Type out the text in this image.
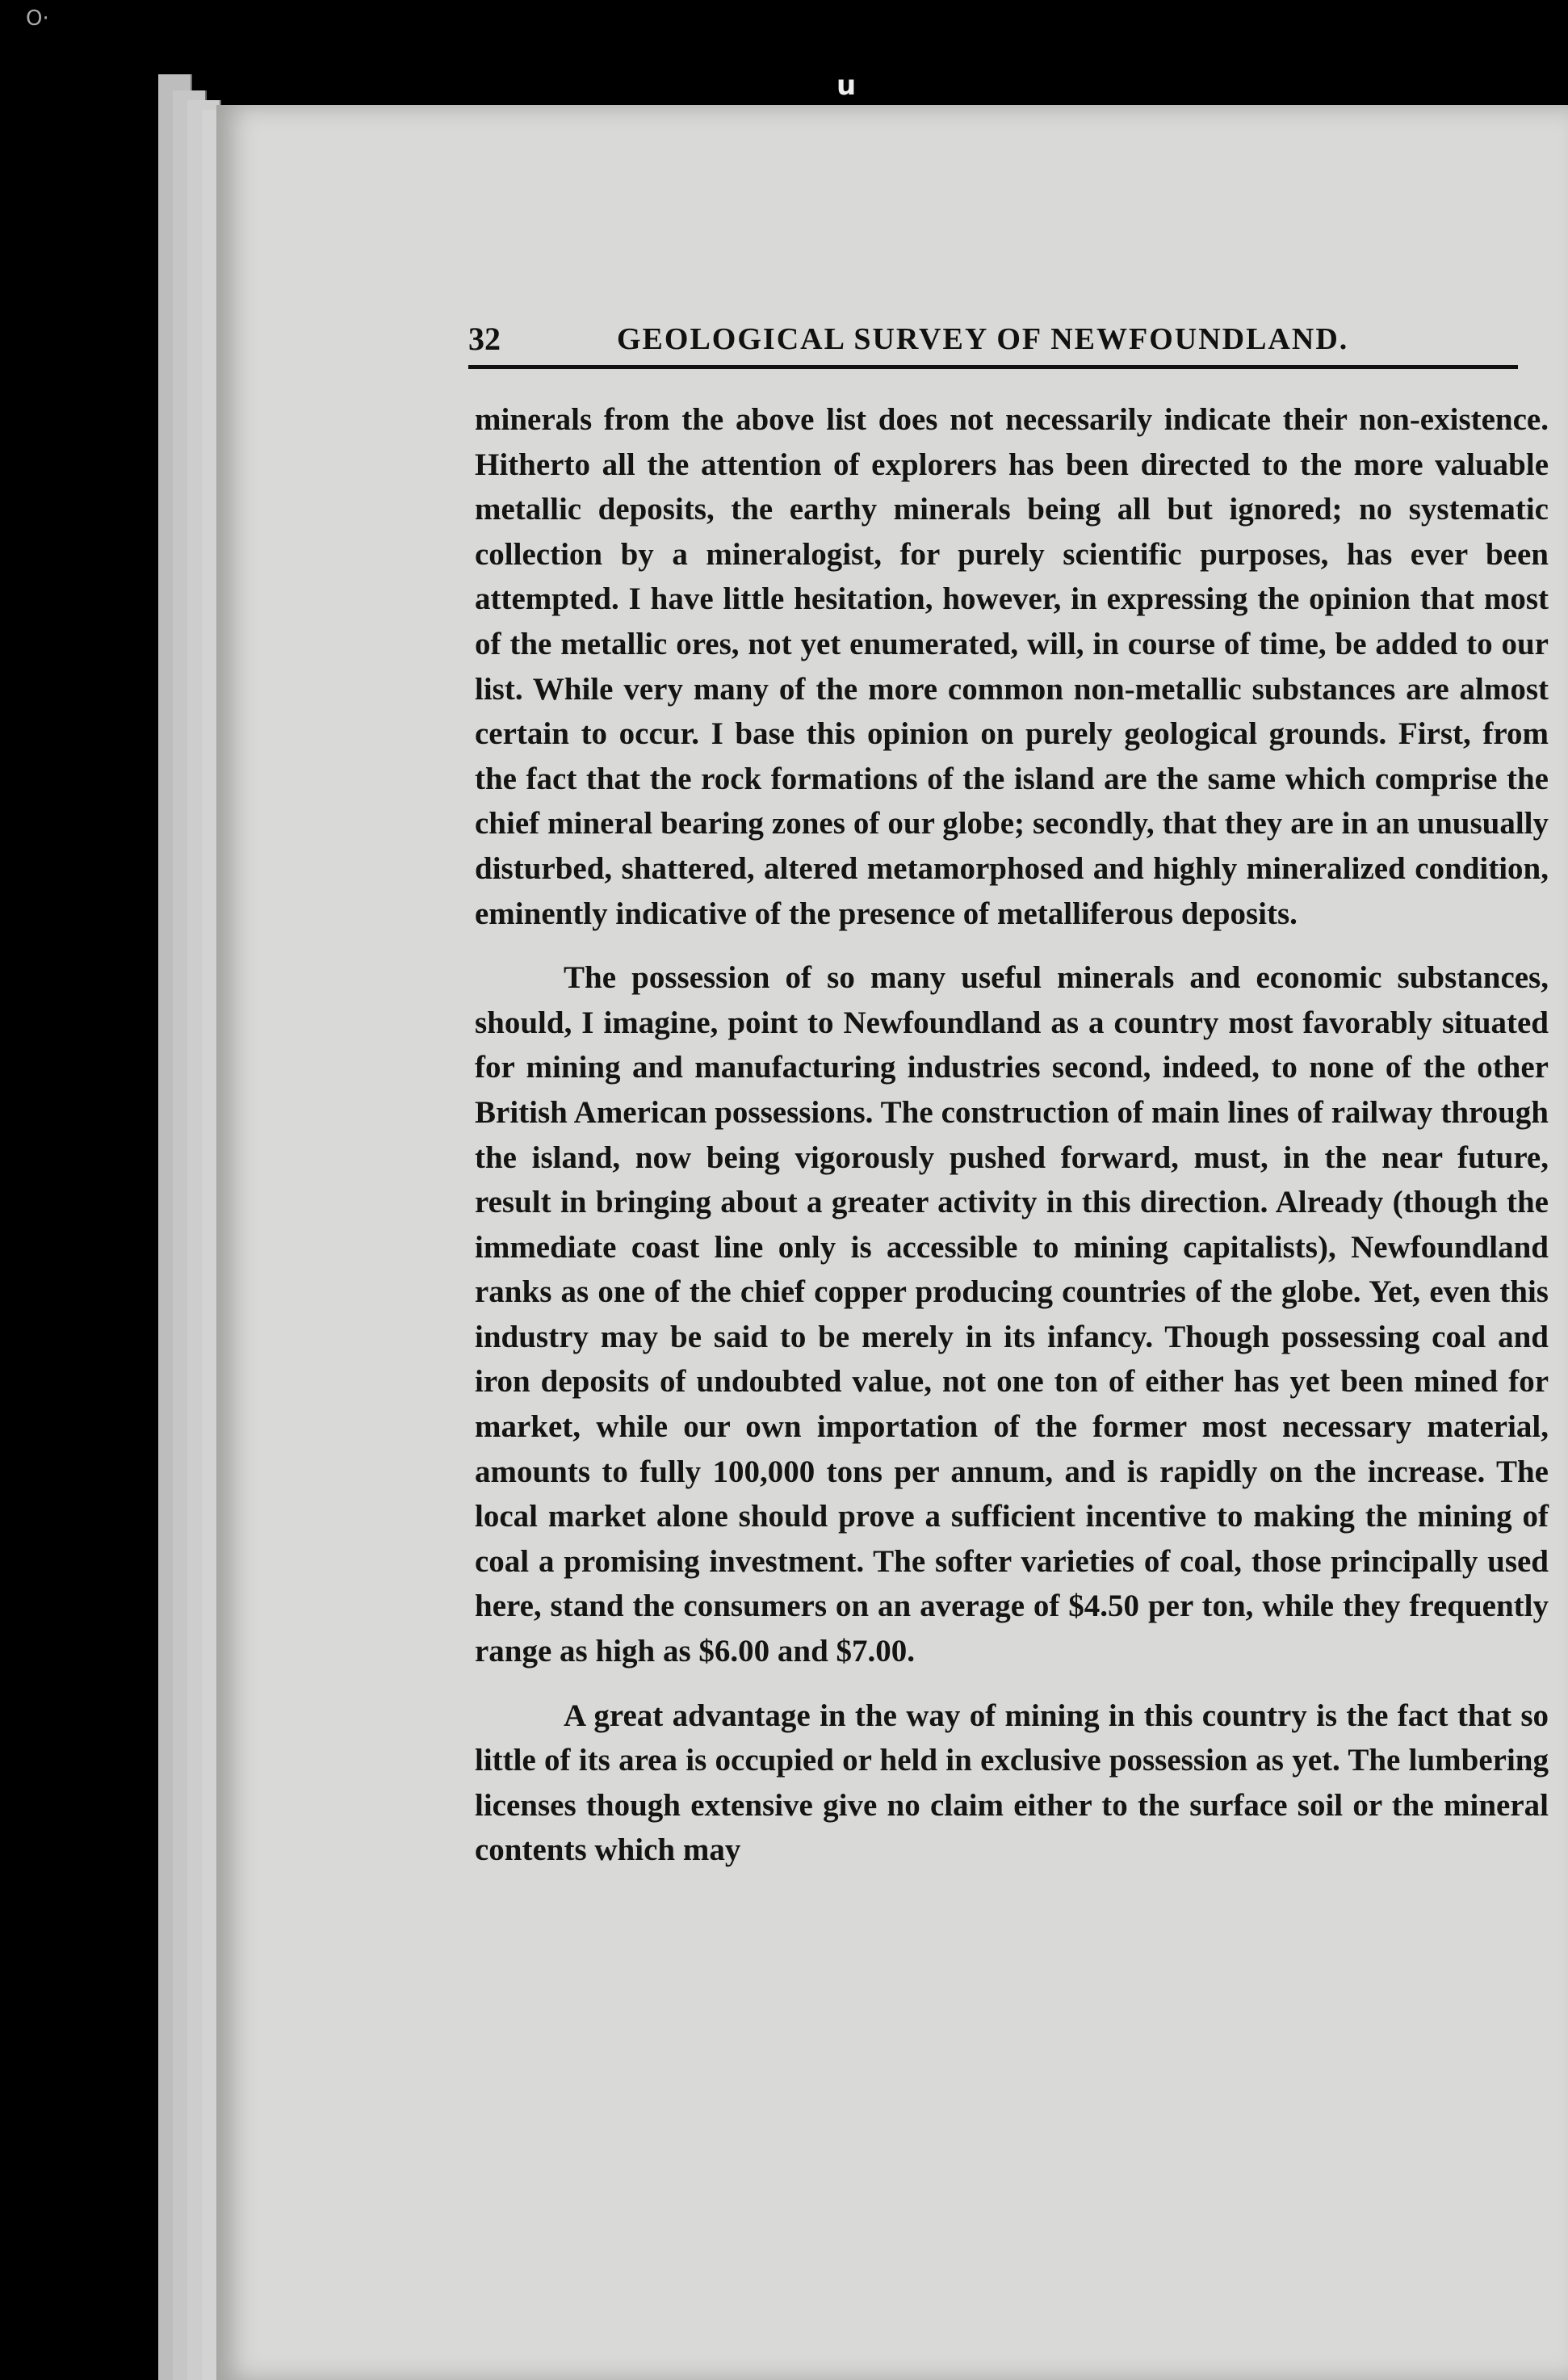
O·
u
32	GEOLOGICAL SURVEY OF NEWFOUNDLAND.

minerals from the above list does not necessarily indicate their non-existence. Hitherto all the attention of explorers has been directed to the more valuable metallic deposits, the earthy minerals being all but ignored; no systematic collection by a mineralogist, for purely scientific purposes, has ever been attempted. I have little hesitation, however, in expressing the opinion that most of the metallic ores, not yet enumerated, will, in course of time, be added to our list. While very many of the more common non-metallic substances are almost certain to occur. I base this opinion on purely geological grounds. First, from the fact that the rock formations of the island are the same which comprise the chief mineral bearing zones of our globe; secondly, that they are in an unusually disturbed, shattered, altered metamorphosed and highly mineralized condition, eminently indicative of the presence of metalliferous deposits.

The possession of so many useful minerals and economic substances, should, I imagine, point to Newfoundland as a country most favorably situated for mining and manufacturing industries second, indeed, to none of the other British American possessions. The construction of main lines of railway through the island, now being vigorously pushed forward, must, in the near future, result in bringing about a greater activity in this direction. Already (though the immediate coast line only is accessible to mining capitalists), Newfoundland ranks as one of the chief copper producing countries of the globe. Yet, even this industry may be said to be merely in its infancy. Though possessing coal and iron deposits of undoubted value, not one ton of either has yet been mined for market, while our own importation of the former most necessary material, amounts to fully 100,000 tons per annum, and is rapidly on the increase. The local market alone should prove a sufficient incentive to making the mining of coal a promising investment. The softer varieties of coal, those principally used here, stand the consumers on an average of $4.50 per ton, while they frequently range as high as $6.00 and $7.00.

A great advantage in the way of mining in this country is the fact that so little of its area is occupied or held in exclusive possession as yet. The lumbering licenses though extensive give no claim either to the surface soil or the mineral contents which may
